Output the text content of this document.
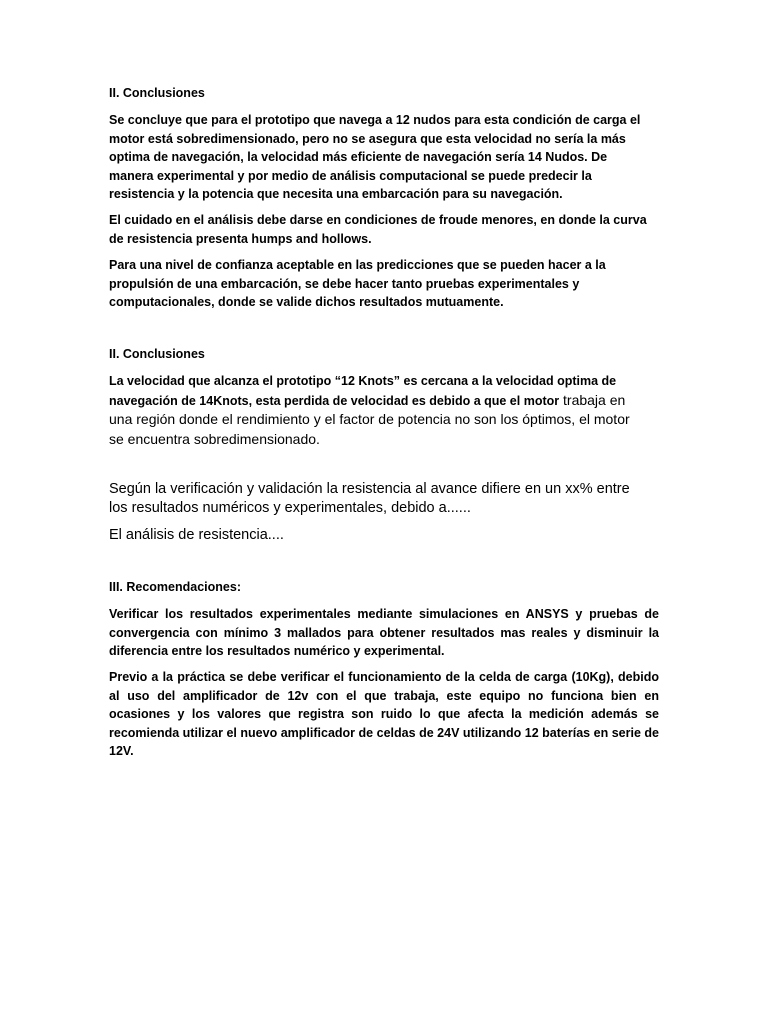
II. Conclusiones

Se concluye que para el prototipo que navega a 12 nudos para esta condición de carga el motor está sobredimensionado, pero no se asegura que esta velocidad no sería la más optima de navegación, la velocidad más eficiente de navegación sería 14 Nudos. De manera experimental y por medio de análisis computacional se puede predecir la resistencia y la potencia que necesita una embarcación para su navegación.

El cuidado en el análisis debe darse en condiciones de froude menores, en donde la curva de resistencia presenta humps and hollows.

Para una nivel de confianza aceptable en las predicciones que se pueden hacer a la propulsión de una embarcación, se debe hacer tanto pruebas experimentales y computacionales, donde se valide dichos resultados mutuamente.

II. Conclusiones

La velocidad que alcanza el prototipo “12 Knots” es cercana a la velocidad optima de navegación de 14Knots, esta perdida de velocidad es debido a que el motor trabaja en una región donde el rendimiento y el factor de potencia no son los óptimos, el motor se encuentra sobredimensionado.

Según la verificación y validación la resistencia al avance difiere en un xx% entre los resultados numéricos y experimentales, debido a......

El análisis de resistencia....

III. Recomendaciones:

Verificar los resultados experimentales mediante simulaciones en ANSYS y pruebas de convergencia con mínimo 3 mallados para obtener resultados mas reales y disminuir la diferencia entre los resultados numérico y experimental.

Previo a la práctica se debe verificar el funcionamiento de la celda de carga (10Kg), debido al uso del amplificador de 12v con el que trabaja, este equipo no funciona bien en ocasiones y los valores que registra son ruido lo que afecta la medición además se recomienda utilizar el nuevo amplificador de celdas de 24V utilizando 12 baterías en serie de 12V.
